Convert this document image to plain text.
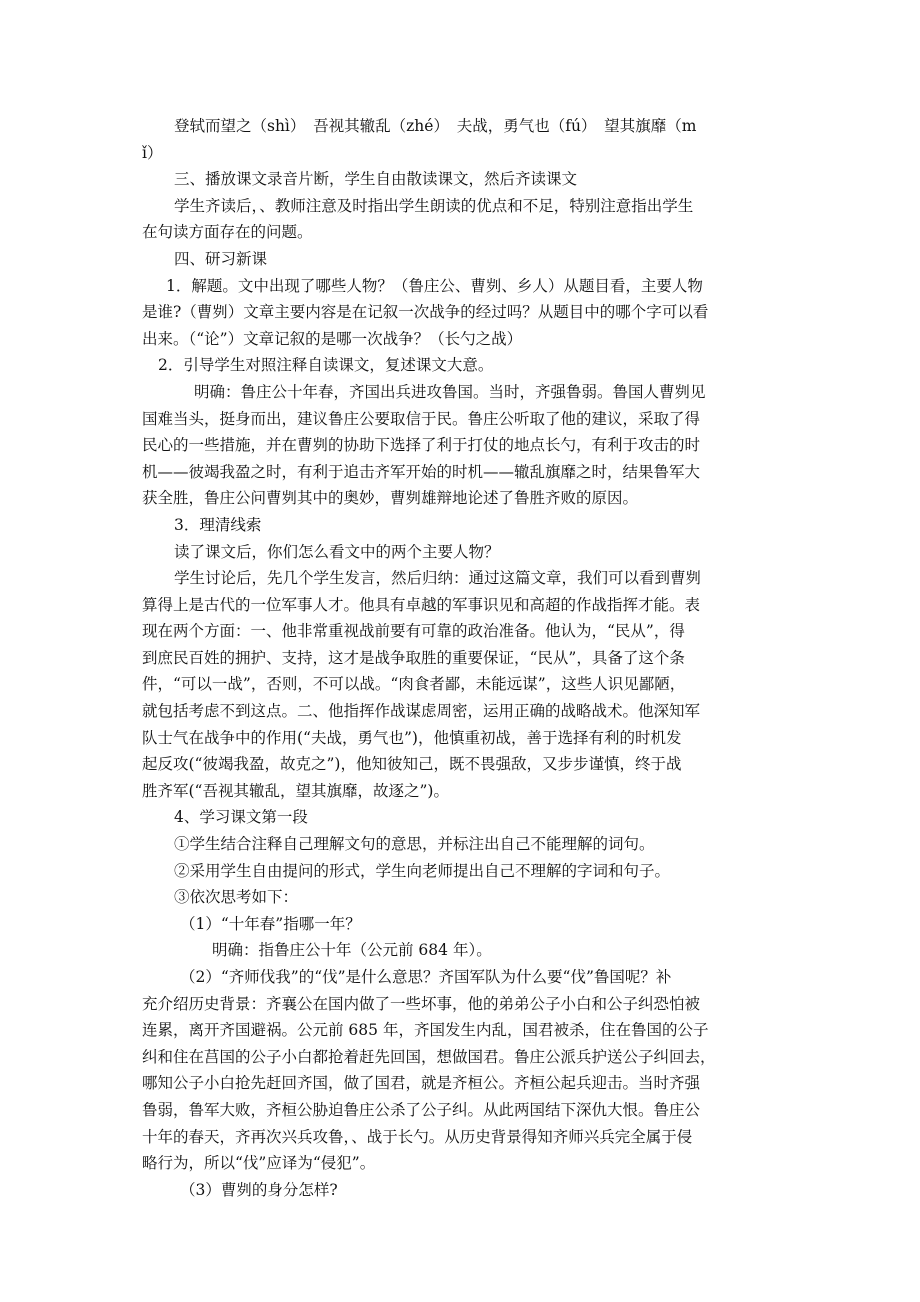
登轼而望之（shì）　吾视其辙乱（zhé）　夫战，勇气也（fú）　望其旗靡（m

ǐ）

三、播放课文录音片断，学生自由散读课文，然后齐读课文

学生齐读后，、教师注意及时指出学生朗读的优点和不足，特别注意指出学生

在句读方面存在的问题。

四、研习新课

1．解题。文中出现了哪些人物？（鲁庄公、曹刿、乡人）从题目看，主要人物

是谁?（曹刿）文章主要内容是在记叙一次战争的经过吗？从题目中的哪个字可以看

出来。（“论”）文章记叙的是哪一次战争？（长勺之战）

2．引导学生对照注释自读课文，复述课文大意。

明确：鲁庄公十年春，齐国出兵进攻鲁国。当时，齐强鲁弱。鲁国人曹刿见

国难当头，挺身而出，建议鲁庄公要取信于民。鲁庄公听取了他的建议，采取了得

民心的一些措施，并在曹刿的协助下选择了利于打仗的地点长勺，有利于攻击的时

机——彼竭我盈之时，有利于追击齐军开始的时机——辙乱旗靡之时，结果鲁军大

获全胜，鲁庄公问曹刿其中的奥妙，曹刿雄辩地论述了鲁胜齐败的原因。

3．理清线索

读了课文后，你们怎么看文中的两个主要人物？

学生讨论后，先几个学生发言，然后归纳：通过这篇文章，我们可以看到曹刿

算得上是古代的一位军事人才。他具有卓越的军事识见和高超的作战指挥才能。表

现在两个方面：一、他非常重视战前要有可靠的政治准备。他认为，“民从”，得

到庶民百姓的拥护、支持，这才是战争取胜的重要保证，“民从”，具备了这个条

件，“可以一战”，否则，不可以战。“肉食者鄙，未能远谋”，这些人识见鄙陋，

就包括考虑不到这点。二、他指挥作战谋虑周密，运用正确的战略战术。他深知军

队士气在战争中的作用(“夫战，勇气也”)，他慎重初战，善于选择有利的时机发

起反攻(“彼竭我盈，故克之”)，他知彼知己，既不畏强敌，又步步谨慎，终于战

胜齐军(“吾视其辙乱，望其旗靡，故逐之”)。

4、学习课文第一段

①学生结合注释自己理解文句的意思，并标注出自己不能理解的词句。

②采用学生自由提问的形式，学生向老师提出自己不理解的字词和句子。

③依次思考如下：

（1）“十年春”指哪一年？

明确：指鲁庄公十年（公元前 684 年）。

（2）“齐师伐我”的“伐”是什么意思？齐国军队为什么要“伐”鲁国呢？补

充介绍历史背景：齐襄公在国内做了一些坏事，他的弟弟公子小白和公子纠恐怕被

连累，离开齐国避祸。公元前 685 年，齐国发生内乱，国君被杀，住在鲁国的公子

纠和住在莒国的公子小白都抢着赶先回国，想做国君。鲁庄公派兵护送公子纠回去，

哪知公子小白抢先赶回齐国，做了国君，就是齐桓公。齐桓公起兵迎击。当时齐强

鲁弱，鲁军大败，齐桓公胁迫鲁庄公杀了公子纠。从此两国结下深仇大恨。鲁庄公

十年的春天，齐再次兴兵攻鲁，、战于长勺。从历史背景得知齐师兴兵完全属于侵

略行为，所以“伐”应译为“侵犯”。

（3）曹刿的身分怎样?
